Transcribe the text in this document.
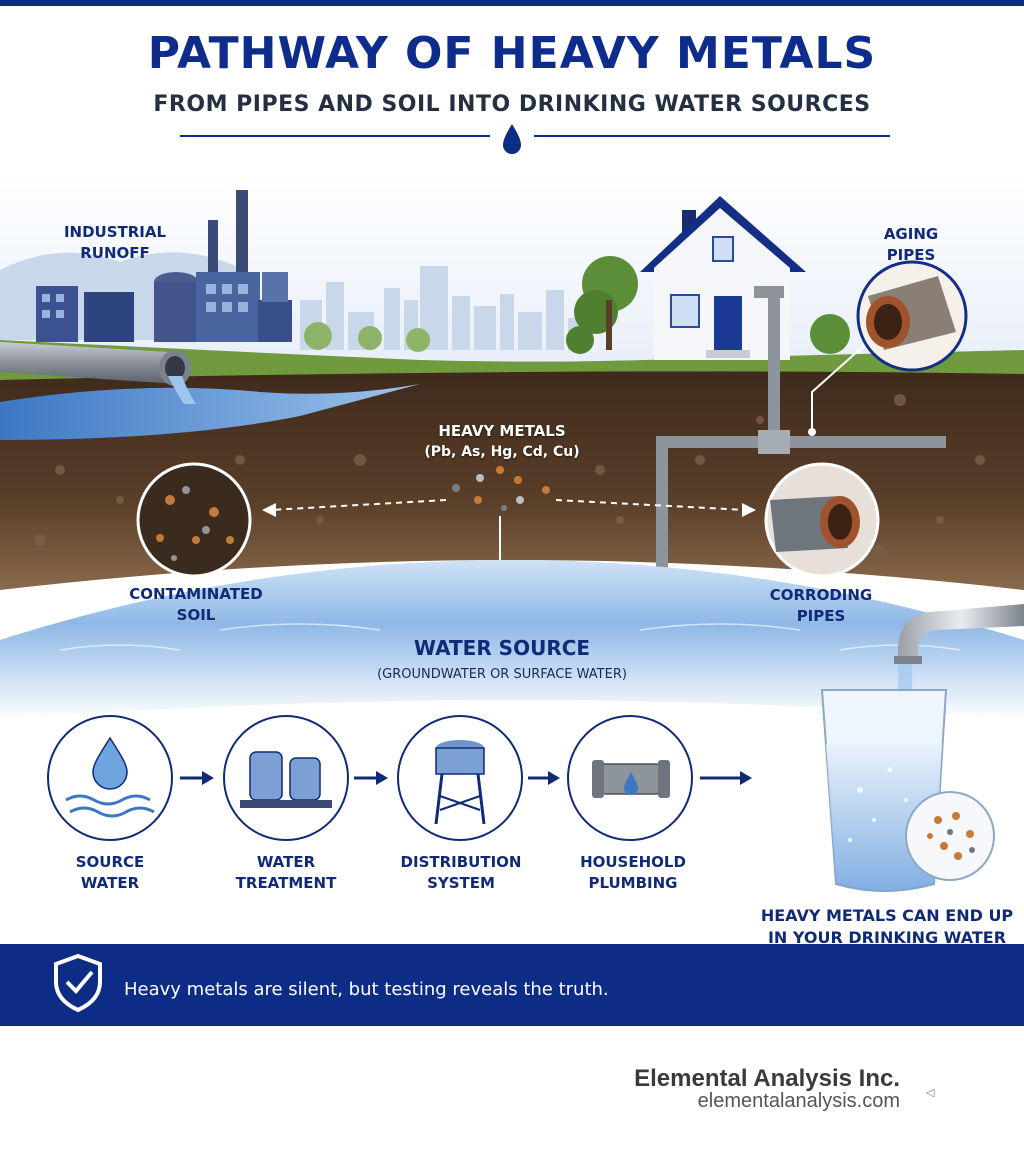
PATHWAY OF HEAVY METALS
FROM PIPES AND SOIL INTO DRINKING WATER SOURCES
INDUSTRIAL
RUNOFF
AGING
PIPES
HEAVY METALS
(Pb, As, Hg, Cd, Cu)
CONTAMINATED
SOIL
CORRODING
PIPES
WATER SOURCE
(GROUNDWATER OR SURFACE WATER)
SOURCE
WATER
WATER
TREATMENT
DISTRIBUTION
SYSTEM
HOUSEHOLD
PLUMBING
HEAVY METALS CAN END UP
IN YOUR DRINKING WATER
Heavy metals are silent, but testing reveals the truth.
Elemental Analysis Inc.
elementalanalysis.com ◁
